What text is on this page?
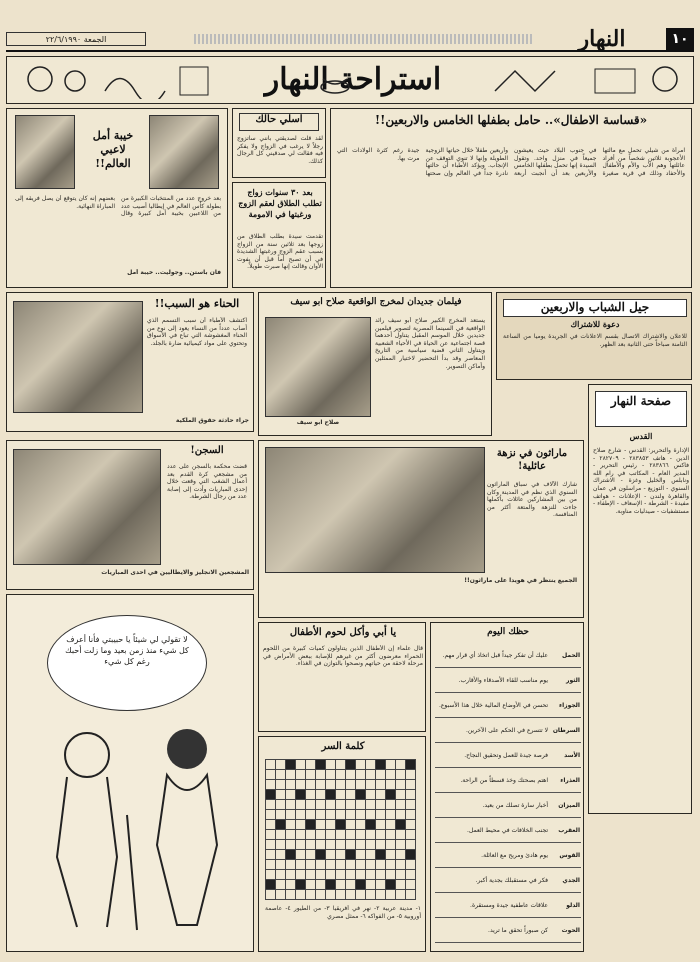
١٠
النهار
الجمعة ٢٢/٦/١٩٩٠
استراحة النهار
«قساسة الاطفال».. حامل بطفلها الخامس والاربعين!!
امرأة من شيلي تحمل مع مالتها الأعجوبة ثلاثين شخصاً من أفراد عائلتها وهم الأب والأم والأطفال والأحفاد وذلك في قرية صغيرة في جنوب البلاد حيث يعيشون جميعاً في منزل واحد. وتقول السيدة إنها تحمل بطفلها الخامس والأربعين بعد أن أنجبت أربعة وأربعين طفلاً خلال حياتها الزوجية الطويلة وإنها لا تنوي التوقف عن الإنجاب. ويؤكد الأطباء أن حالتها نادرة جداً في العالم وإن صحتها جيدة رغم كثرة الولادات التي مرت بها.
اسلي حالك
لقد قلت لصديقتي بأنني سأتزوج رجلاً لا يرغب في الزواج ولا يفكر فيه فقالت لي صدقيني كل الرجال كذلك.
بعد ٣٠ سنوات زواج تطلب الطلاق لعقم الزوج ورغبتها في الامومة
تقدمت سيدة بطلب الطلاق من زوجها بعد ثلاثين سنة من الزواج بسبب عقم الزوج ورغبتها الشديدة في أن تصبح أماً قبل أن يفوت الأوان وقالت إنها صبرت طويلاً.
خيبة أمل لاعبي العالم!!
بعد خروج عدد من المنتخبات الكبيرة من بطولة كأس العالم في إيطاليا أصيب عدد من اللاعبين بخيبة أمل كبيرة وقال بعضهم إنه كان يتوقع أن يصل فريقه إلى المباراة النهائية.
فان باستن.. وجوليت.. خيبة أمل
الحناء هو السبب!!
اكتشف الأطباء أن سبب التسمم الذي أصاب عدداً من النساء يعود إلى نوع من الحناء المغشوشة التي تباع في الأسواق وتحتوي على مواد كيميائية ضارة بالجلد.
جراء حادثة حقوق الملكية
فيلمان جديدان لمخرج الواقعية صلاح ابو سيف
يستعد المخرج الكبير صلاح أبو سيف رائد الواقعية في السينما المصرية لتصوير فيلمين جديدين خلال الموسم المقبل يتناول أحدهما قصة اجتماعية عن الحياة في الأحياء الشعبية ويتناول الثاني قضية سياسية من التاريخ المعاصر وقد بدأ التحضير لاختيار الممثلين وأماكن التصوير.
صلاح ابو سيف
جيل الشباب والاربعين
دعوة للاشتراك
للاعلان والاشتراك الاتصال بقسم الاعلانات في الجريدة يومياً من الساعة الثامنة صباحاً حتى الثانية بعد الظهر.
صفحة النهار
القدس
الإدارة والتحرير: القدس - شارع صلاح الدين - هاتف ٢٨٣٨٥٣ - ٢٨٢٧٠٩ - فاكس ٢٨٣٨٦٦ - رئيس التحرير - المدير العام - المكاتب في رام الله ونابلس والخليل وغزة - الاشتراك السنوي - التوزيع - مراسلون في عمان والقاهرة ولندن - الإعلانات - هواتف مفيدة - الشرطة - الإسعاف - الإطفاء - مستشفيات - صيدليات مناوبة.
السجن!
قضت محكمة بالسجن على عدد من مشجعي كرة القدم بعد أعمال الشغب التي وقعت خلال إحدى المباريات وأدت إلى إصابة عدد من رجال الشرطة.
المشجعين الانجليز والايطاليين في احدى المباريات
ماراثون في نزهة عائلية!
شارك الآلاف في سباق الماراثون السنوي الذي نظم في المدينة وكان من بين المشاركين عائلات بأكملها جاءت للنزهة والمتعة أكثر من المنافسة.
الجميع ينتظر في هويدا على ماراثون!!
يا أبي وأكل لحوم الأطفال
قال علماء إن الأطفال الذين يتناولون كميات كبيرة من اللحوم الحمراء معرضون أكثر من غيرهم للإصابة ببعض الأمراض في مرحلة لاحقة من حياتهم ونصحوا بالتوازن في الغذاء.
حظك اليوم
الحمل	عليك أن تفكر جيداً قبل اتخاذ أي قرار مهم.
الثور	يوم مناسب للقاء الأصدقاء والأقارب.
الجوزاء	تحسن في الأوضاع المالية خلال هذا الأسبوع.
السرطان	لا تتسرع في الحكم على الآخرين.
الأسد	فرصة جيدة للعمل وتحقيق النجاح.
العذراء	اهتم بصحتك وخذ قسطاً من الراحة.
الميزان	أخبار سارة تصلك من بعيد.
العقرب	تجنب الخلافات في محيط العمل.
القوس	يوم هادئ ومريح مع العائلة.
الجدي	فكر في مستقبلك بجدية أكبر.
الدلو	علاقات عاطفية جيدة ومستقرة.
الحوت	كن صبوراً تحقق ما تريد.
كلمة السر

١- مدينة عربية ٢- نهر في أفريقيا ٣- من الطيور ٤- عاصمة أوروبية ٥- من الفواكه ٦- ممثل مصري
لا تقولي لي شيئاً يا حبيبتي فأنا أعرف كل شيء منذ زمن بعيد وما زلت أحبك رغم كل شيء
